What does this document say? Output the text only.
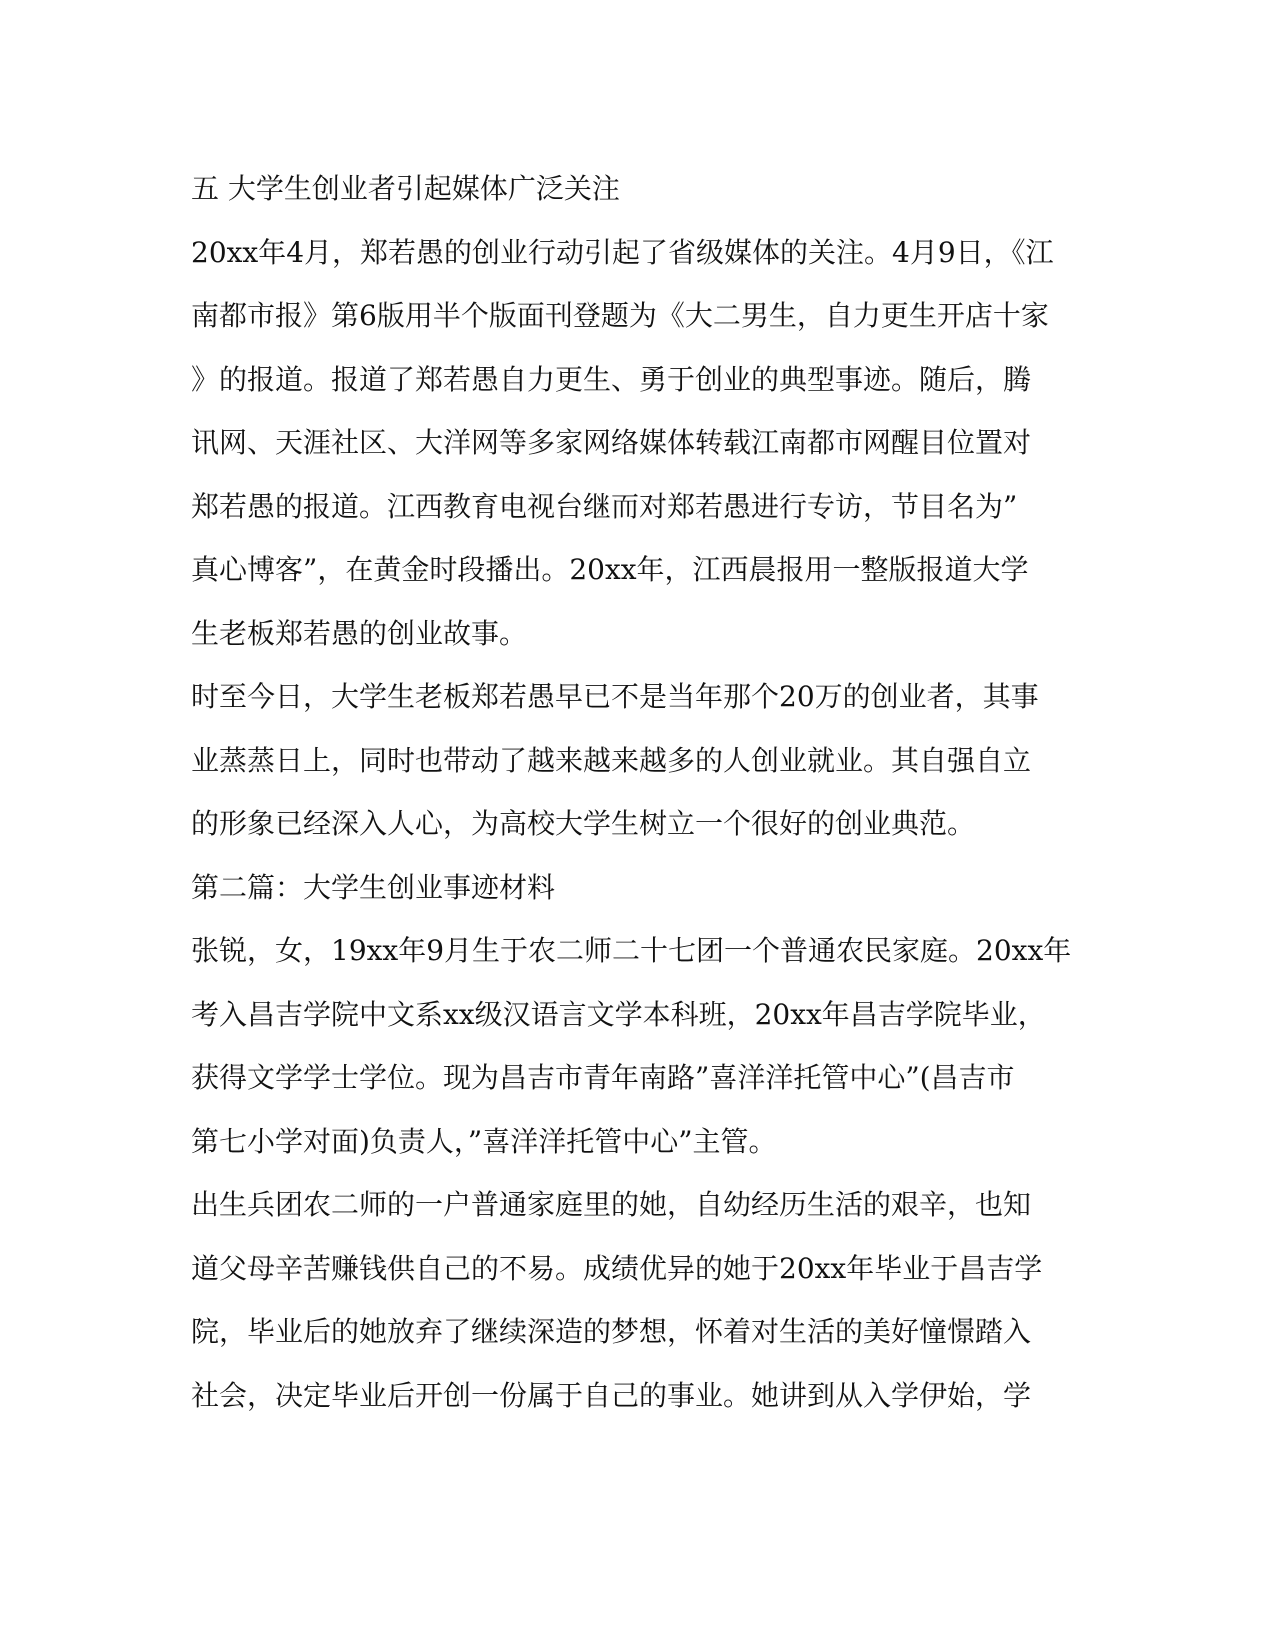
五 大学生创业者引起媒体广泛关注
20xx年4月，郑若愚的创业行动引起了省级媒体的关注。4月9日，《江
南都市报》第6版用半个版面刊登题为《大二男生，自力更生开店十家
》的报道。报道了郑若愚自力更生、勇于创业的典型事迹。随后，腾
讯网、天涯社区、大洋网等多家网络媒体转载江南都市网醒目位置对
郑若愚的报道。江西教育电视台继而对郑若愚进行专访，节目名为”
真心博客”，在黄金时段播出。20xx年，江西晨报用一整版报道大学
生老板郑若愚的创业故事。
时至今日，大学生老板郑若愚早已不是当年那个20万的创业者，其事
业蒸蒸日上，同时也带动了越来越来越多的人创业就业。其自强自立
的形象已经深入人心，为高校大学生树立一个很好的创业典范。
第二篇：大学生创业事迹材料
张锐，女，19xx年9月生于农二师二十七团一个普通农民家庭。20xx年
考入昌吉学院中文系xx级汉语言文学本科班，20xx年昌吉学院毕业，
获得文学学士学位。现为昌吉市青年南路”喜洋洋托管中心”(昌吉市
第七小学对面)负责人，”喜洋洋托管中心”主管。
出生兵团农二师的一户普通家庭里的她，自幼经历生活的艰辛，也知
道父母辛苦赚钱供自己的不易。成绩优异的她于20xx年毕业于昌吉学
院，毕业后的她放弃了继续深造的梦想，怀着对生活的美好憧憬踏入
社会，决定毕业后开创一份属于自己的事业。她讲到从入学伊始，学
